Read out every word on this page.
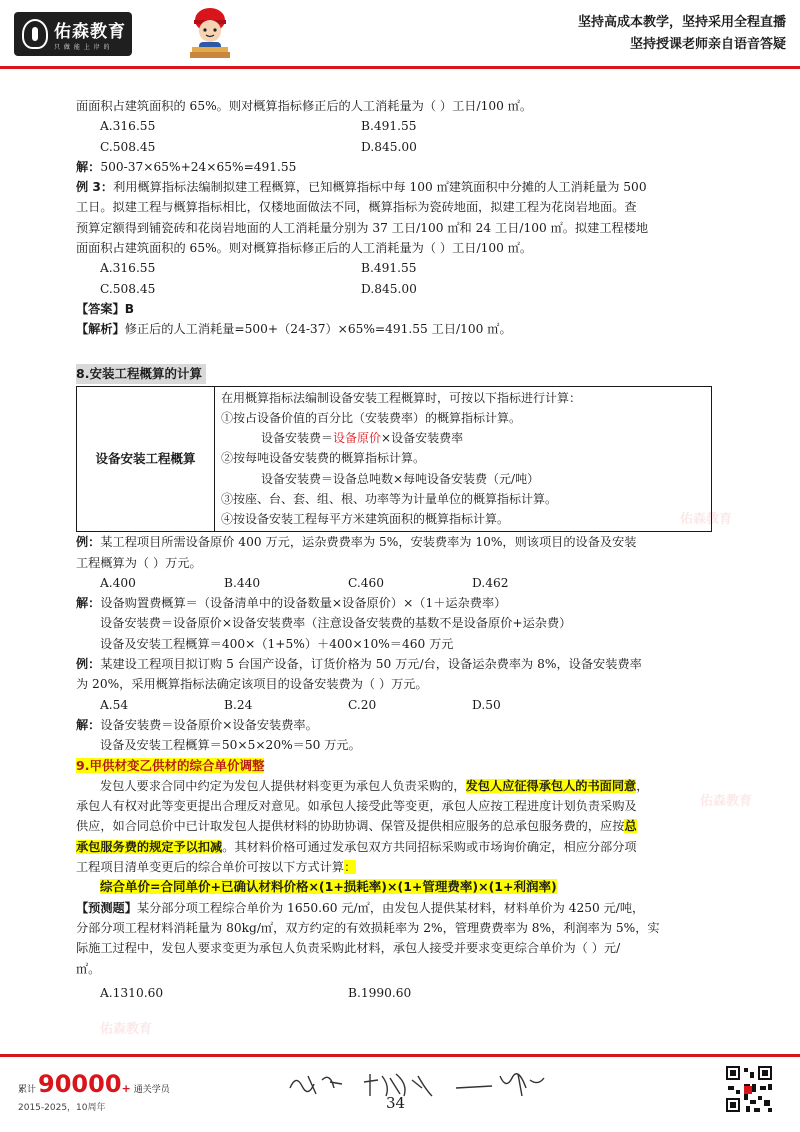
佑森教育
只 做 能 上 岸 的
坚持高成本教学，坚持采用全程直播
坚持授课老师亲自语音答疑
佑森教育
佑森教育
佑森教育
面面积占建筑面积的 65%。则对概算指标修正后的人工消耗量为（ ）工日/100 ㎡。
A.316.55	B.491.55
C.508.45	D.845.00
解：500-37×65%+24×65%=491.55
例 3：利用概算指标法编制拟建工程概算，已知概算指标中每 100 ㎡建筑面积中分摊的人工消耗量为 500
工日。拟建工程与概算指标相比，仅楼地面做法不同，概算指标为瓷砖地面，拟建工程为花岗岩地面。查
预算定额得到铺瓷砖和花岗岩地面的人工消耗量分别为 37 工日/100 ㎡和 24 工日/100 ㎡。拟建工程楼地
面面积占建筑面积的 65%。则对概算指标修正后的人工消耗量为（ ）工日/100 ㎡。
A.316.55	B.491.55
C.508.45	D.845.00
【答案】B
【解析】修正后的人工消耗量=500+（24-37）×65%=491.55 工日/100 ㎡。
8.安装工程概算的计算
设备安装工程概算
在用概算指标法编制设备安装工程概算时，可按以下指标进行计算：
①按占设备价值的百分比（安装费率）的概算指标计算。
设备安装费＝设备原价×设备安装费率
②按每吨设备安装费的概算指标计算。
设备安装费＝设备总吨数×每吨设备安装费（元/吨）
③按座、台、套、组、根、功率等为计量单位的概算指标计算。
④按设备安装工程每平方米建筑面积的概算指标计算。
例：某工程项目所需设备原价 400 万元，运杂费费率为 5%，安装费率为 10%，则该项目的设备及安装
工程概算为（ ）万元。
A.400	B.440	C.460	D.462
解：设备购置费概算＝（设备清单中的设备数量×设备原价）×（1＋运杂费率）
设备安装费＝设备原价×设备安装费率（注意设备安装费的基数不是设备原价+运杂费）
设备及安装工程概算＝400×（1+5%）＋400×10%＝460 万元
例：某建设工程项目拟订购 5 台国产设备，订货价格为 50 万元/台，设备运杂费率为 8%，设备安装费率
为 20%，采用概算指标法确定该项目的设备安装费为（ ）万元。
A.54	B.24	C.20	D.50
解：设备安装费＝设备原价×设备安装费率。
设备及安装工程概算＝50×5×20%＝50 万元。
9.甲供材变乙供材的综合单价调整
发包人要求合同中约定为发包人提供材料变更为承包人负责采购的，发包人应征得承包人的书面同意，
承包人有权对此等变更提出合理反对意见。如承包人接受此等变更，承包人应按工程进度计划负责采购及
供应，如合同总价中已计取发包人提供材料的协助协调、保管及提供相应服务的总承包服务费的，应按总
承包服务费的规定予以扣减。其材料价格可通过发承包双方共同招标采购或市场询价确定，相应分部分项
工程项目清单变更后的综合单价可按以下方式计算：
综合单价=合同单价+已确认材料价格×(1+损耗率)×(1+管理费率)×(1+利润率)
【预测题】某分部分项工程综合单价为 1650.60 元/㎡，由发包人提供某材料，材料单价为 4250 元/吨，
分部分项工程材料消耗量为 80kg/㎡，双方约定的有效损耗率为 2%，管理费费率为 8%，利润率为 5%，实
际施工过程中，发包人要求变更为承包人负责采购此材料，承包人接受并要求变更综合单价为（ ）元/
㎡。
A.1310.60	B.1990.60
累计 90000 + 通关学员
2015-2025，10周年	34
